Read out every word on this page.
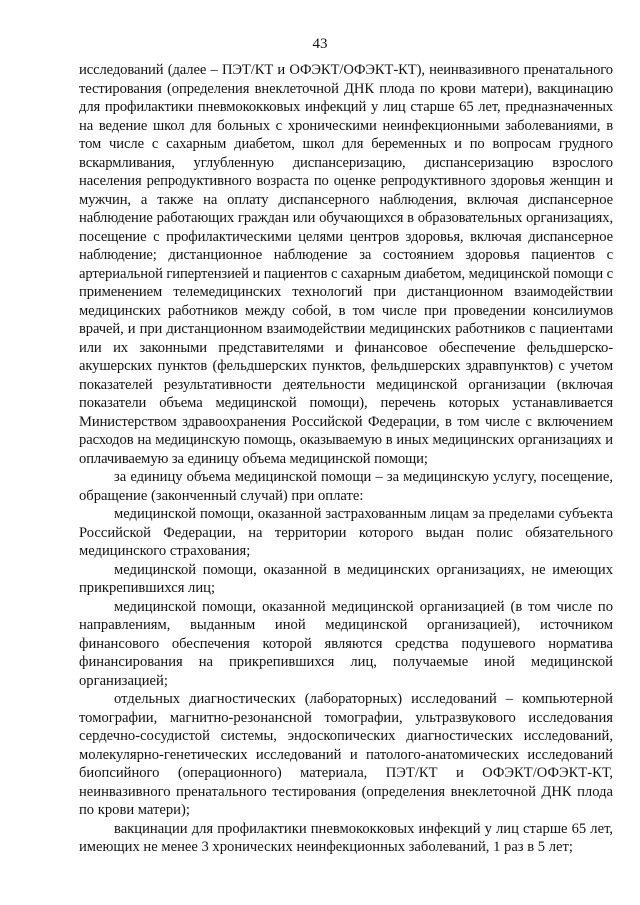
43

исследований (далее – ПЭТ/КТ и ОФЭКТ/ОФЭКТ-КТ), неинвазивного пренатального тестирования (определения внеклеточной ДНК плода по крови матери), вакцинацию для профилактики пневмококковых инфекций у лиц старше 65 лет, предназначенных на ведение школ для больных с хроническими неинфекционными заболеваниями, в том числе с сахарным диабетом, школ для беременных и по вопросам грудного вскармливания, углубленную диспансеризацию, диспансеризацию взрослого населения репродуктивного возраста по оценке репродуктивного здоровья женщин и мужчин, а также на оплату диспансерного наблюдения, включая диспансерное наблюдение работающих граждан или обучающихся в образовательных организациях, посещение с профилактическими целями центров здоровья, включая диспансерное наблюдение; дистанционное наблюдение за состоянием здоровья пациентов с артериальной гипертензией и пациентов с сахарным диабетом, медицинской помощи с применением телемедицинских технологий при дистанционном взаимодействии медицинских работников между собой, в том числе при проведении консилиумов врачей, и при дистанционном взаимодействии медицинских работников с пациентами или их законными представителями и финансовое обеспечение фельдшерско-акушерских пунктов (фельдшерских пунктов, фельдшерских здравпунктов) с учетом показателей результативности деятельности медицинской организации (включая показатели объема медицинской помощи), перечень которых устанавливается Министерством здравоохранения Российской Федерации, в том числе с включением расходов на медицинскую помощь, оказываемую в иных медицинских организациях и оплачиваемую за единицу объема медицинской помощи;

за единицу объема медицинской помощи – за медицинскую услугу, посещение, обращение (законченный случай) при оплате:

медицинской помощи, оказанной застрахованным лицам за пределами субъекта Российской Федерации, на территории которого выдан полис обязательного медицинского страхования;

медицинской помощи, оказанной в медицинских организациях, не имеющих прикрепившихся лиц;

медицинской помощи, оказанной медицинской организацией (в том числе по направлениям, выданным иной медицинской организацией), источником финансового обеспечения которой являются средства подушевого норматива финансирования на прикрепившихся лиц, получаемые иной медицинской организацией;

отдельных диагностических (лабораторных) исследований – компьютерной томографии, магнитно-резонансной томографии, ультразвукового исследования сердечно-сосудистой системы, эндоскопических диагностических исследований, молекулярно-генетических исследований и патолого-анатомических исследований биопсийного (операционного) материала, ПЭТ/КТ и ОФЭКТ/ОФЭКТ-КТ, неинвазивного пренатального тестирования (определения внеклеточной ДНК плода по крови матери);

вакцинации для профилактики пневмококковых инфекций у лиц старше 65 лет, имеющих не менее 3 хронических неинфекционных заболеваний, 1 раз в 5 лет;
